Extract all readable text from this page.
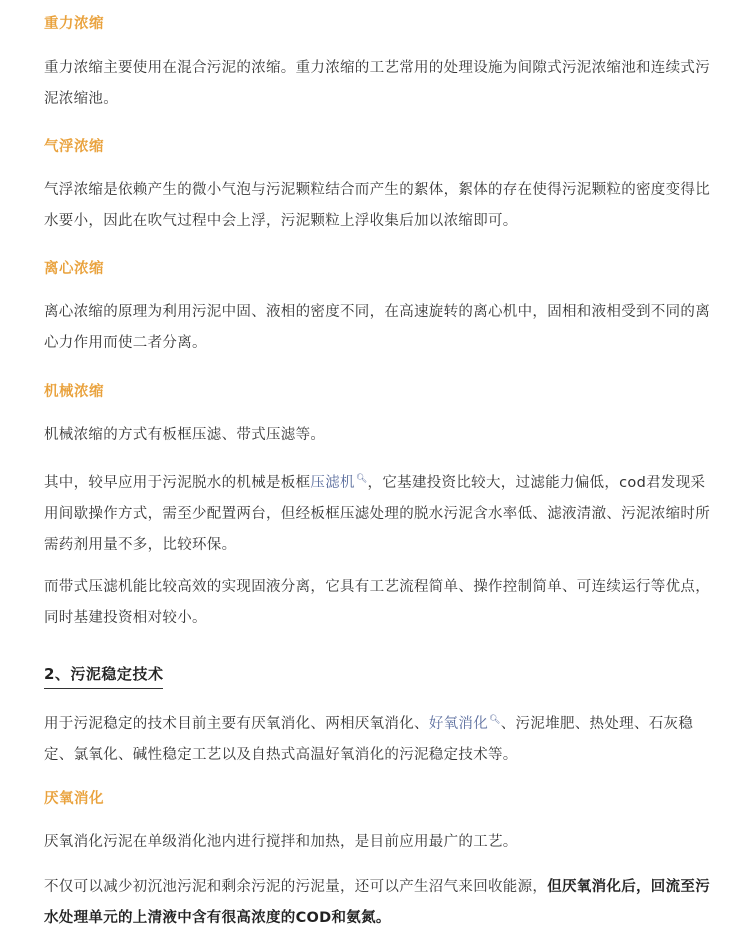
重力浓缩
重力浓缩主要使用在混合污泥的浓缩。重力浓缩的工艺常用的处理设施为间隙式污泥浓缩池和连续式污泥浓缩池。
气浮浓缩
气浮浓缩是依赖产生的微小气泡与污泥颗粒结合而产生的絮体，絮体的存在使得污泥颗粒的密度变得比水要小，因此在吹气过程中会上浮，污泥颗粒上浮收集后加以浓缩即可。
离心浓缩
离心浓缩的原理为利用污泥中固、液相的密度不同，在高速旋转的离心机中，固相和液相受到不同的离心力作用而使二者分离。
机械浓缩
机械浓缩的方式有板框压滤、带式压滤等。
其中，较早应用于污泥脱水的机械是板框压滤机🔍︎，它基建投资比较大，过滤能力偏低，cod君发现采用间歇操作方式，需至少配置两台，但经板框压滤处理的脱水污泥含水率低、滤液清澈、污泥浓缩时所需药剂用量不多，比较环保。
而带式压滤机能比较高效的实现固液分离，它具有工艺流程简单、操作控制简单、可连续运行等优点，同时基建投资相对较小。
2、污泥稳定技术
用于污泥稳定的技术目前主要有厌氧消化、两相厌氧消化、好氧消化🔍︎、污泥堆肥、热处理、石灰稳定、氯氧化、碱性稳定工艺以及自热式高温好氧消化的污泥稳定技术等。
厌氧消化
厌氧消化污泥在单级消化池内进行搅拌和加热，是目前应用最广的工艺。
不仅可以减少初沉池污泥和剩余污泥的污泥量，还可以产生沼气来回收能源，但厌氧消化后，回流至污水处理单元的上清液中含有很高浓度的COD和氨氮。
